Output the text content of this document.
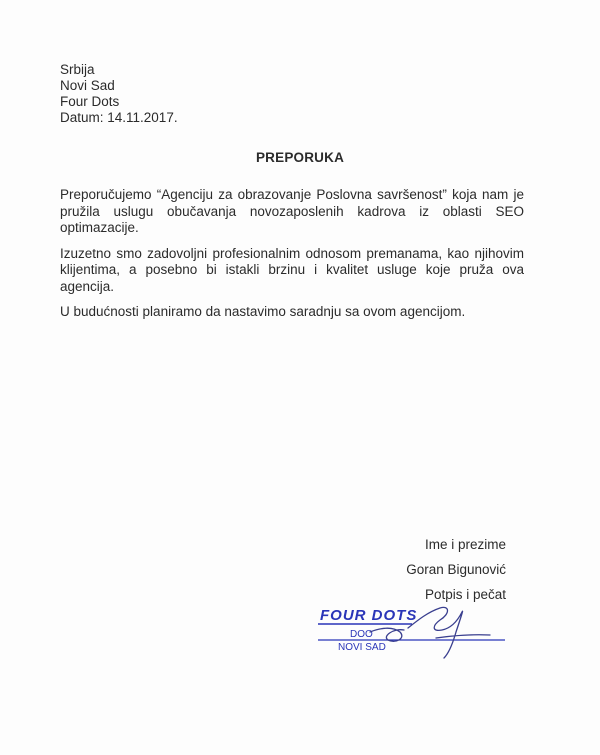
Srbija
Novi Sad
Four Dots
Datum: 14.11.2017.
PREPORUKA

Preporučujemo “Agenciju za obrazovanje Poslovna savršenost” koja nam je pružila uslugu obučavanja novozaposlenih kadrova iz oblasti SEO optimazacije.

Izuzetno smo zadovoljni profesionalnim odnosom premanama, kao njihovim klijentima, a posebno bi istakli brzinu i kvalitet usluge koje pruža ova agencija.

U budućnosti planiramo da nastavimo saradnju sa ovom agencijom.

Ime i prezime
Goran Bigunović
Potpis i pečat
FOUR DOTS
DOO
NOVI SAD
